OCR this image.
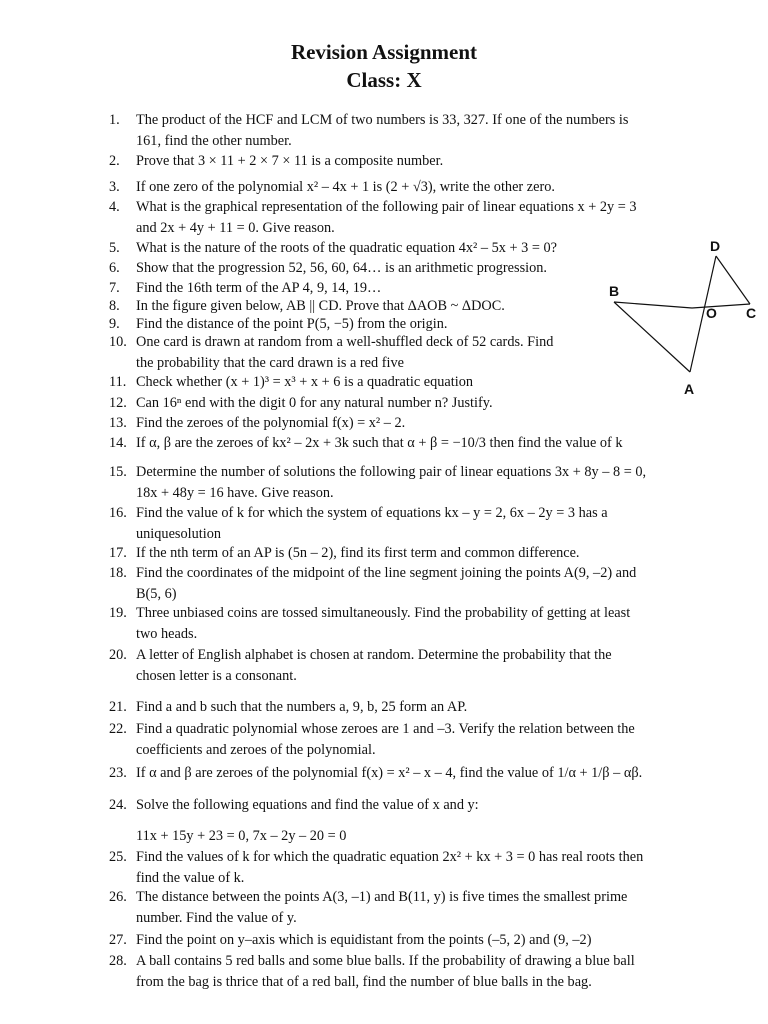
Revision Assignment
Class: X
1.	The product of the HCF and LCM of two numbers is 33, 327. If one of the numbers is
161, find the other number.
2.	Prove that 3 × 11 + 2 × 7 × 11 is a composite number.
3.	If one zero of the polynomial x² – 4x + 1 is (2 + √3), write the other zero.
4.	What is the graphical representation of the following pair of linear equations x + 2y = 3
and 2x + 4y + 11 = 0. Give reason.
5.	What is the nature of the roots of the quadratic equation 4x² – 5x + 3 = 0?
6.	Show that the progression 52, 56, 60, 64… is an arithmetic progression.
7.	Find the 16th term of the AP 4, 9, 14, 19…
8.	In the figure given below, AB || CD. Prove that ΔAOB ~ ΔDOC.
9.	Find the distance of the point P(5, −5) from the origin.
10. One card is drawn at random from a well-shuffled deck of 52 cards. Find
the probability that the card drawn is a red five
11. Check whether (x + 1)³ = x³ + x + 6 is a quadratic equation
12. Can 16ⁿ end with the digit 0 for any natural number n? Justify.
13. Find the zeroes of the polynomial f(x) = x² – 2.
14. If α, β are the zeroes of kx² – 2x + 3k such that α + β = −10/3 then find the value of k
15. Determine the number of solutions the following pair of linear equations 3x + 8y – 8 = 0,
18x + 48y = 16 have. Give reason.
16. Find the value of k for which the system of equations kx – y = 2, 6x – 2y = 3 has a
uniquesolution
17. If the nth term of an AP is (5n – 2), find its first term and common difference.
18. Find the coordinates of the midpoint of the line segment joining the points A(9, –2) and
B(5, 6)
19. Three unbiased coins are tossed simultaneously. Find the probability of getting at least
two heads.
20. A letter of English alphabet is chosen at random. Determine the probability that the
chosen letter is a consonant.
21. Find a and b such that the numbers a, 9, b, 25 form an AP.
22. Find a quadratic polynomial whose zeroes are 1 and –3. Verify the relation between the
coefficients and zeroes of the polynomial.
23. If α and β are zeroes of the polynomial f(x) = x² – x – 4, find the value of 1/α + 1/β – αβ.
24. Solve the following equations and find the value of x and y:
11x + 15y + 23 = 0, 7x – 2y – 20 = 0
25. Find the values of k for which the quadratic equation 2x² + kx + 3 = 0 has real roots then
find the value of k.
26. The distance between the points A(3, –1) and B(11, y) is five times the smallest prime
number. Find the value of y.
27. Find the point on y–axis which is equidistant from the points (–5, 2) and (9, –2)
28. A ball contains 5 red balls and some blue balls. If the probability of drawing a blue ball
from the bag is thrice that of a red ball, find the number of blue balls in the bag.
D
B
O C
A
